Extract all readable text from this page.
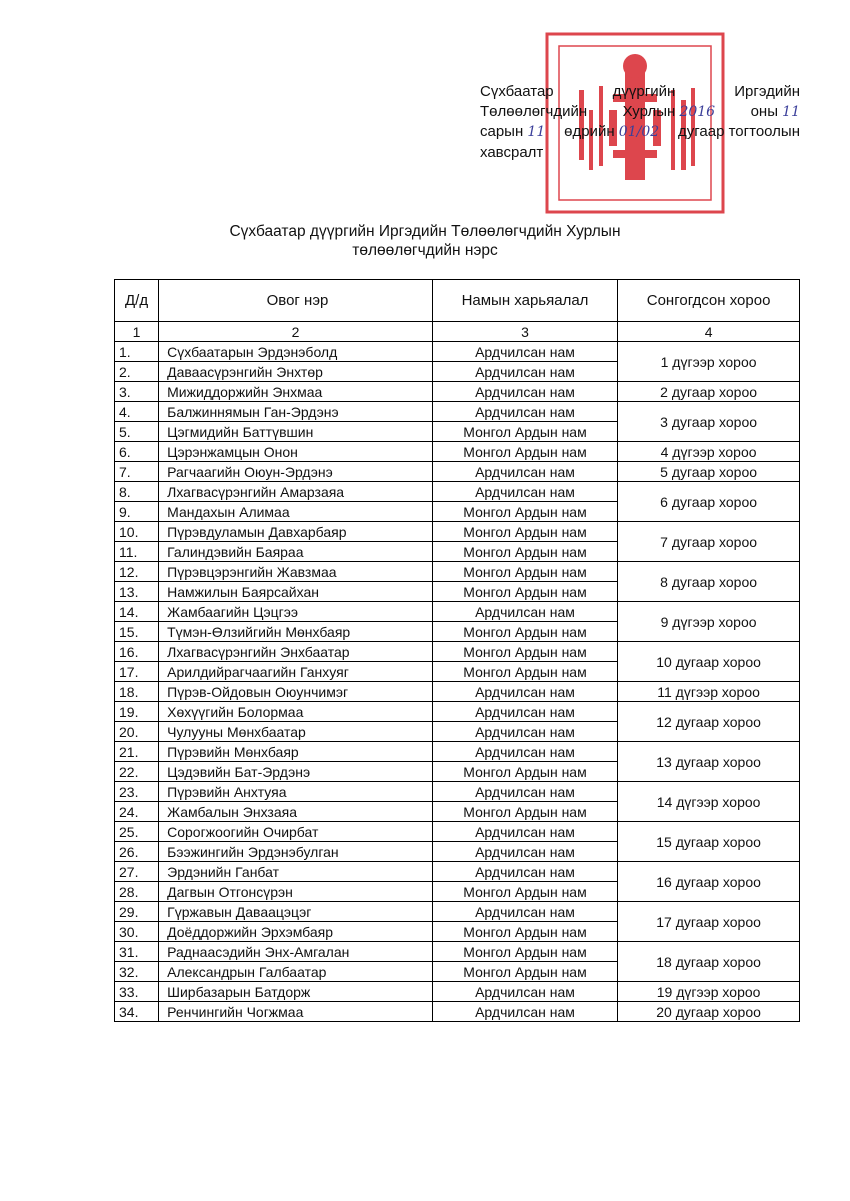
Сүхбаатар	дүүргийн	Иргэдийн
Төлөөлөгчдийн Хурлын 2016 оны 11
сарын 11 өдрийн 01/02 дугаар тогтоолын
хавсралт
Сүхбаатар дүүргийн Иргэдийн Төлөөлөгчдийн Хурлын
төлөөлөгчдийн нэрс
Д/д	Овог нэр	Намын харьяалал	Сонгогдсон хороо
1	2	3	4
1.	Сүхбаатарын Эрдэнэболд	Ардчилсан нам	1 дүгээр хороо
2.	Даваасүрэнгийн Энхтөр	Ардчилсан нам	
3.	Мижиддоржийн Энхмаа	Ардчилсан нам	2 дугаар хороо
4.	Балжиннямын Ган-Эрдэнэ	Ардчилсан нам	3 дугаар хороо
5.	Цэгмидийн Баттүвшин	Монгол Ардын нам	
6.	Цэрэнжамцын Онон	Монгол Ардын нам	4 дүгээр хороо
7.	Рагчаагийн Оюун-Эрдэнэ	Ардчилсан нам	5 дугаар хороо
8.	Лхагвасүрэнгийн Амарзаяа	Ардчилсан нам	6 дугаар хороо
9.	Мандахын Алимаа	Монгол Ардын нам	
10.	Пүрэвдуламын Давхарбаяр	Монгол Ардын нам	7 дугаар хороо
11.	Галиндэвийн Баяраа	Монгол Ардын нам	
12.	Пүрэвцэрэнгийн Жавзмаа	Монгол Ардын нам	8 дугаар хороо
13.	Намжилын Баярсайхан	Монгол Ардын нам	
14.	Жамбаагийн Цэцгээ	Ардчилсан нам	9 дүгээр хороо
15.	Түмэн-Өлзийгийн Мөнхбаяр	Монгол Ардын нам	
16.	Лхагвасүрэнгийн Энхбаатар	Монгол Ардын нам	10 дугаар хороо
17.	Арилдийрагчаагийн Ганхуяг	Монгол Ардын нам	
18.	Пүрэв-Ойдовын Оюунчимэг	Ардчилсан нам	11 дүгээр хороо
19.	Хөхүүгийн Болормаа	Ардчилсан нам	12 дугаар хороо
20.	Чулууны Мөнхбаатар	Ардчилсан нам	
21.	Пүрэвийн Мөнхбаяр	Ардчилсан нам	13 дугаар хороо
22.	Цэдэвийн Бат-Эрдэнэ	Монгол Ардын нам	
23.	Пүрэвийн Анхтуяа	Ардчилсан нам	14 дүгээр хороо
24.	Жамбалын Энхзаяа	Монгол Ардын нам	
25.	Сорогжоогийн Очирбат	Ардчилсан нам	15 дугаар хороо
26.	Бээжингийн Эрдэнэбулган	Ардчилсан нам	
27.	Эрдэнийн Ганбат	Ардчилсан нам	16 дугаар хороо
28.	Дагвын Отгонсүрэн	Монгол Ардын нам	
29.	Гүржавын Даваацэцэг	Ардчилсан нам	17 дугаар хороо
30.	Доёддоржийн Эрхэмбаяр	Монгол Ардын нам	
31.	Раднаасэдийн Энх-Амгалан	Монгол Ардын нам	18 дугаар хороо
32.	Александрын Галбаатар	Монгол Ардын нам	
33.	Ширбазарын Батдорж	Ардчилсан нам	19 дүгээр хороо
34.	Ренчингийн Чогжмаа	Ардчилсан нам	20 дугаар хороо
